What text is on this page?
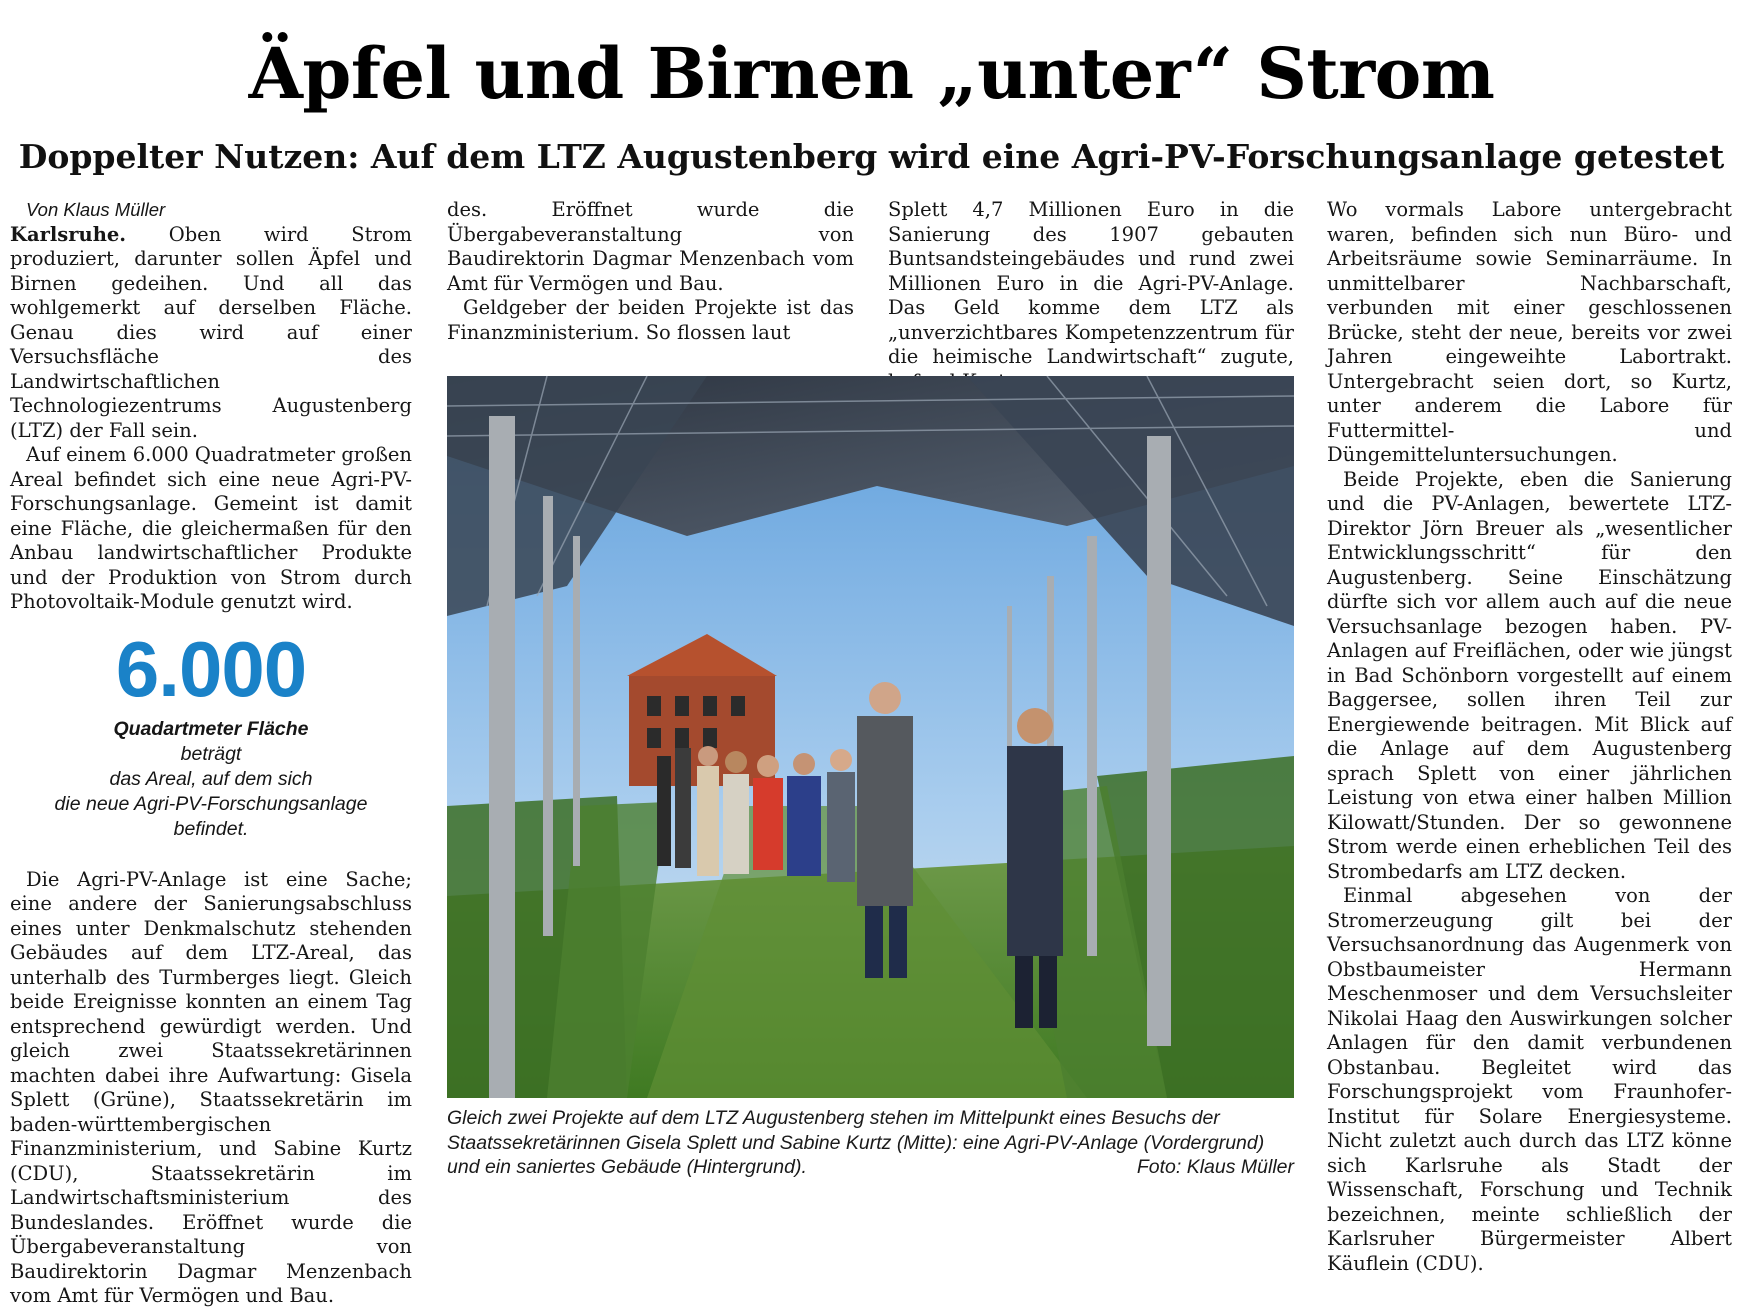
Äpfel und Birnen „unter“ Strom
Doppelter Nutzen: Auf dem LTZ Augustenberg wird eine Agri-PV-Forschungsanlage getestet

Von Klaus Müller

Karlsruhe. Oben wird Strom produziert, darunter sollen Äpfel und Birnen gedeihen. Und all das wohlgemerkt auf derselben Fläche. Genau dies wird auf einer Versuchsfläche des Landwirtschaftlichen Technologiezentrums Augustenberg (LTZ) der Fall sein.

Auf einem 6.000 Quadratmeter großen Areal befindet sich eine neue Agri-PV-Forschungsanlage. Gemeint ist damit eine Fläche, die gleichermaßen für den Anbau landwirtschaftlicher Produkte und der Produktion von Strom durch Photovoltaik-Module genutzt wird.

6.000
Quadartmeter Fläche
beträgt
das Areal, auf dem sich
die neue Agri-PV-Forschungsanlage
befindet.

Die Agri-PV-Anlage ist eine Sache; eine andere der Sanierungsabschluss eines unter Denkmalschutz stehenden Gebäudes auf dem LTZ-Areal, das unterhalb des Turmberges liegt. Gleich beide Ereignisse konnten an einem Tag entsprechend gewürdigt werden. Und gleich zwei Staatssekretärinnen machten dabei ihre Aufwartung: Gisela Splett (Grüne), Staatssekretärin im baden-württembergischen Finanzministerium, und Sabine Kurtz (CDU), Staatssekretärin im Landwirtschaftsministerium des Bundeslandes. Eröffnet wurde die Übergabeveranstaltung von Baudirektorin Dagmar Menzenbach vom Amt für Vermögen und Bau.

des. Eröffnet wurde die Übergabeveranstaltung von Baudirektorin Dagmar Menzenbach vom Amt für Vermögen und Bau.

Geldgeber der beiden Projekte ist das Finanzministerium. So flossen laut

Splett 4,7 Millionen Euro in die Sanierung des 1907 gebauten Buntsandsteingebäudes und rund zwei Millionen Euro in die Agri-PV-Anlage. Das Geld komme dem LTZ als „unverzichtbares Kompetenzzentrum für die heimische Landwirtschaft“ zugute,

Wo vormals Labore untergebracht waren, befinden sich nun Büro- und Arbeitsräume sowie Seminarräume. In unmittelbarer Nachbarschaft, verbunden mit einer geschlossenen Brücke, steht der neue, bereits vor zwei Jahren eingeweihte Labortrakt. Untergebracht seien dort, so Kurtz, unter anderem die Labore für Futtermittel- und Düngemitteluntersuchungen.

Beide Projekte, eben die Sanierung und die PV-Anlagen, bewertete LTZ-Direktor Jörn Breuer als „wesentlicher Entwicklungsschritt“ für den Augustenberg. Seine Einschätzung dürfte sich vor allem auch auf die neue Versuchsanlage bezogen haben. PV-Anlagen auf Freiflächen, oder wie jüngst in Bad Schönborn vorgestellt auf einem Baggersee, sollen ihren Teil zur Energiewende beitragen. Mit Blick auf die Anlage auf dem Augustenberg sprach Splett von einer jährlichen Leistung von etwa einer halben Million Kilowatt/Stunden. Der so gewonnene Strom werde einen erheblichen Teil des Strombedarfs am LTZ decken.

Einmal abgesehen von der Stromerzeugung gilt bei der Versuchsanordnung das Augenmerk von Obstbaumeister Hermann Meschenmoser und dem Versuchsleiter Nikolai Haag den Auswirkungen solcher Anlagen für den damit verbundenen Obstanbau. Begleitet wird das Forschungsprojekt vom Fraunhofer-Institut für Solare Energiesysteme. Nicht zuletzt auch durch das LTZ könne sich Karlsruhe als Stadt der Wissenschaft, Forschung und Technik bezeichnen, meinte schließlich der Karlsruher Bürgermeister Albert Käuflein (CDU).

Gleich zwei Projekte auf dem LTZ Augustenberg stehen im Mittelpunkt eines Besuchs der Staatssekretärinnen Gisela Splett und Sabine Kurtz (Mitte): eine Agri-PV-Anlage (Vordergrund) und ein saniertes Gebäude (Hintergrund).	Foto: Klaus Müller
